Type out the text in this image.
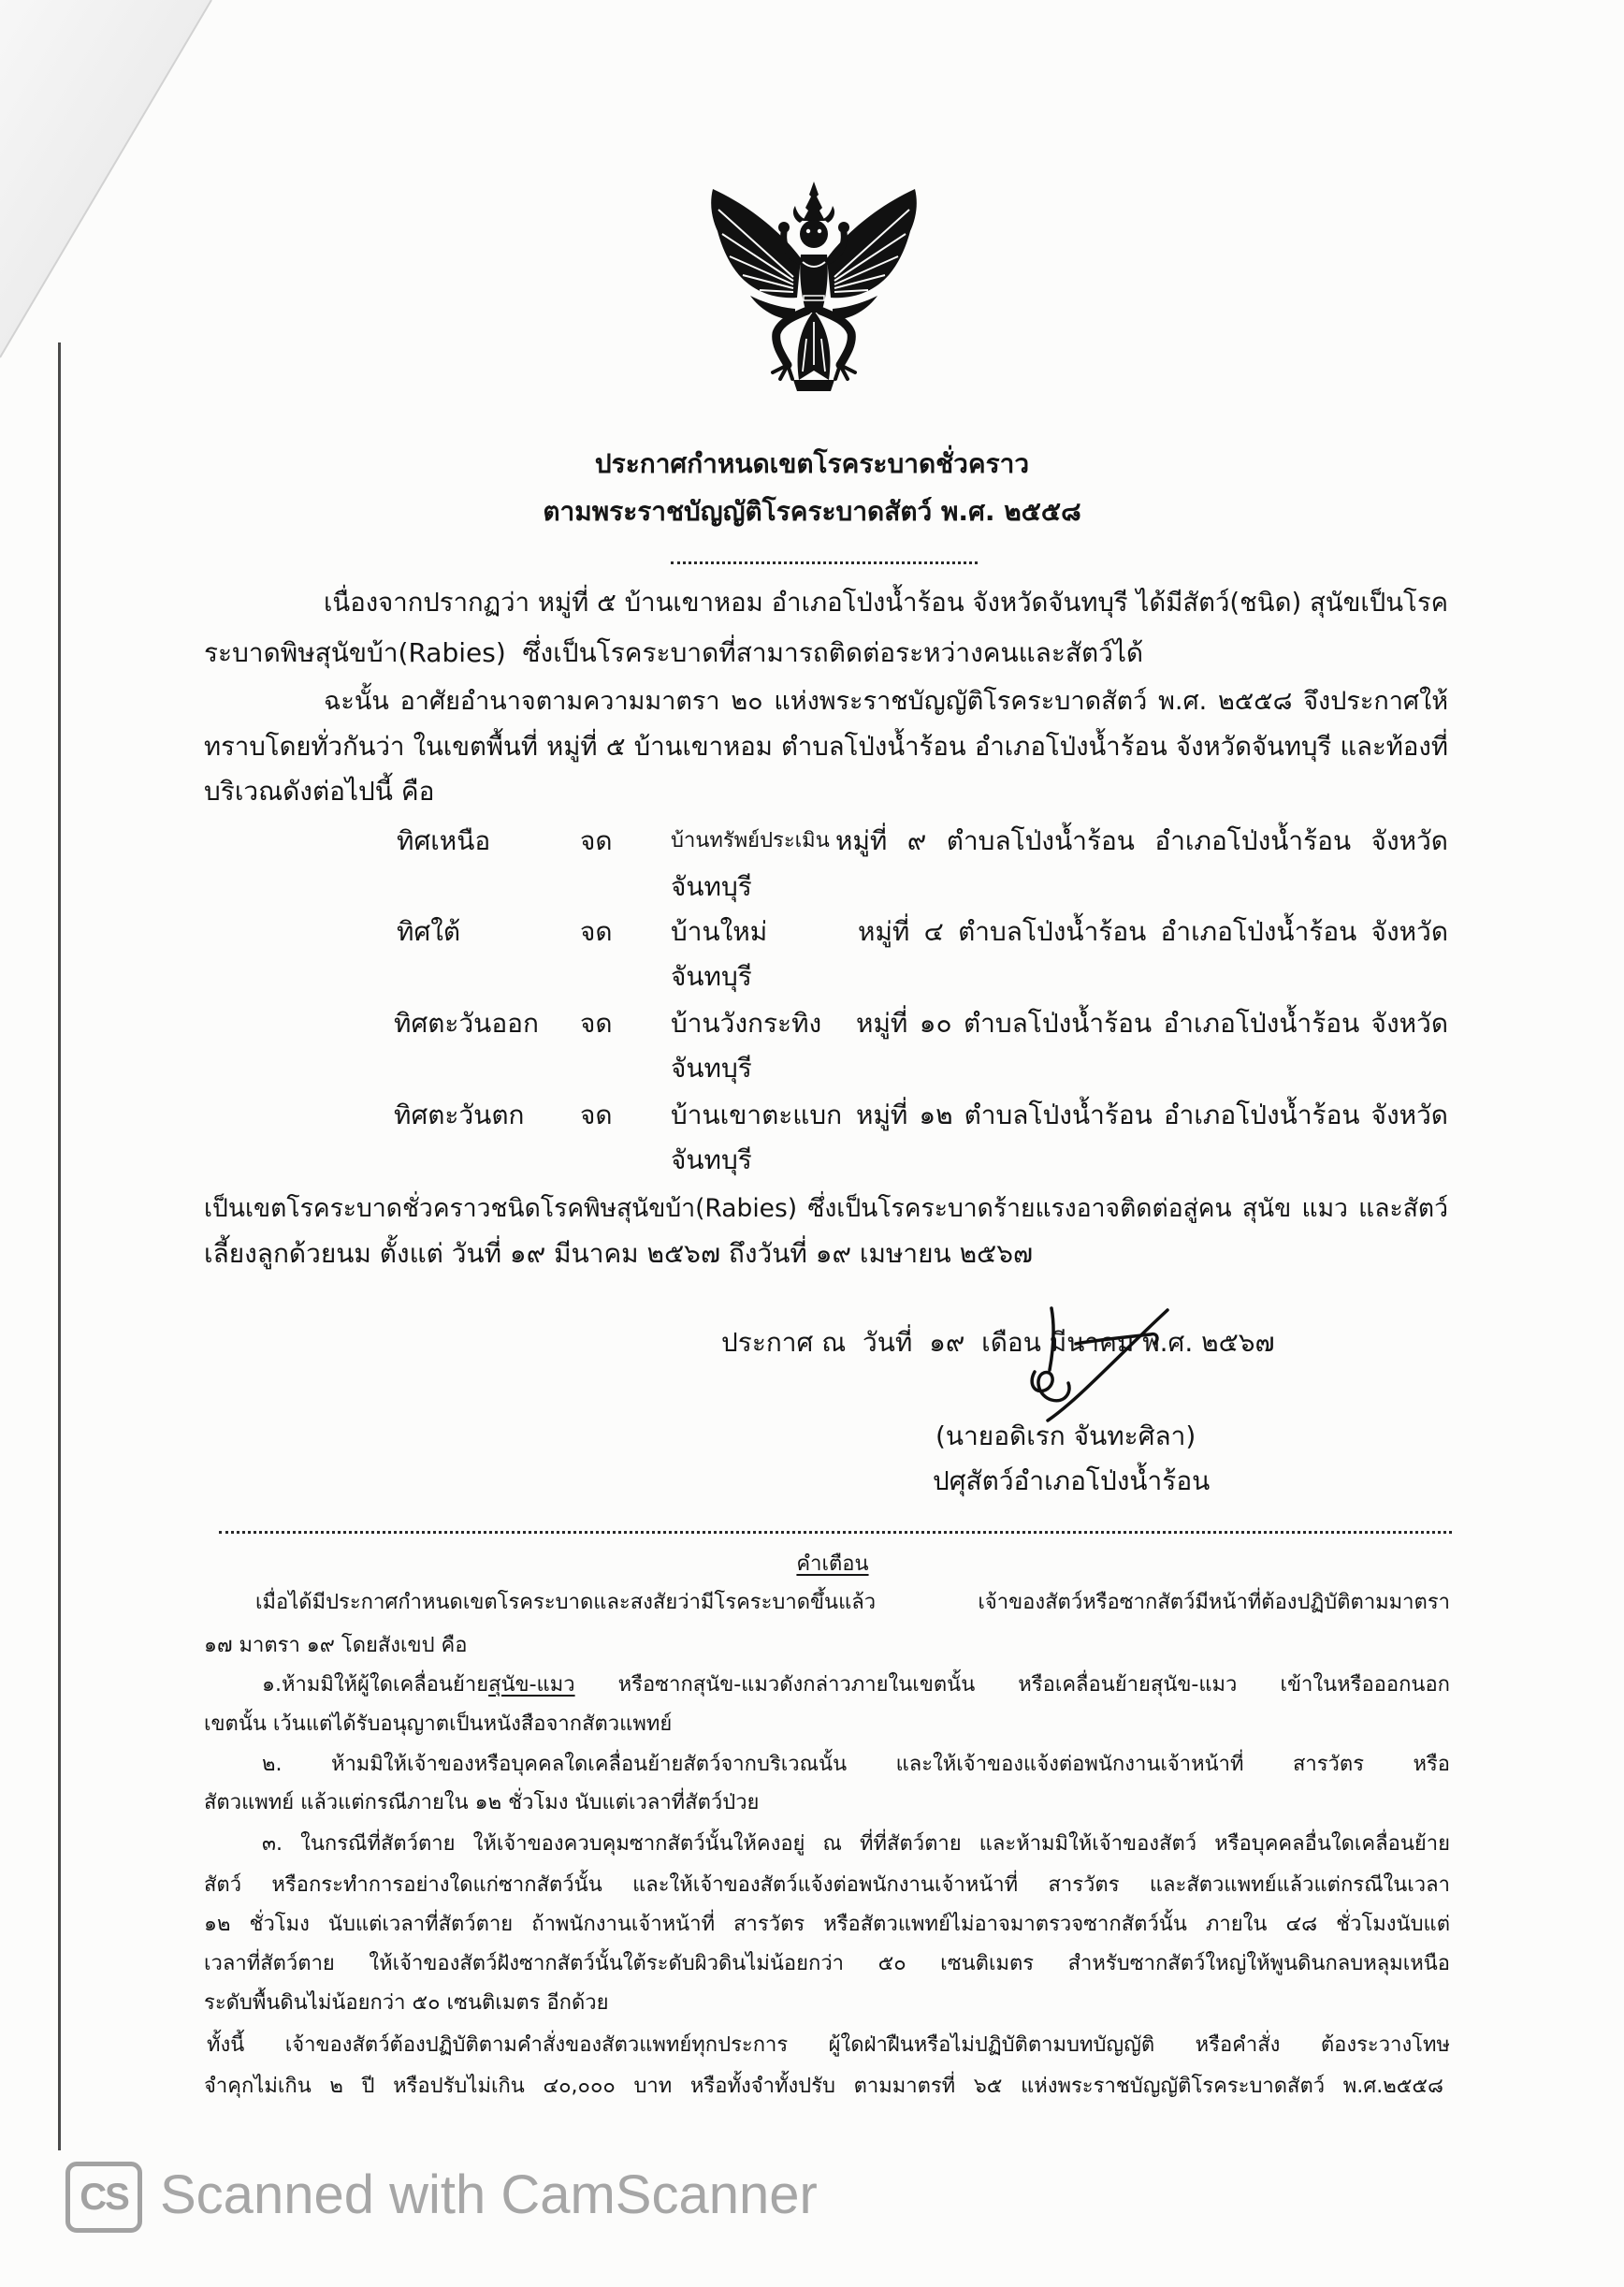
ประกาศกำหนดเขตโรคระบาดชั่วคราว
ตามพระราชบัญญัติโรคระบาดสัตว์ พ.ศ. ๒๕๕๘
เนื่องจากปรากฏว่า หมู่ที่ ๕ บ้านเขาหอม อำเภอโป่งน้ำร้อน จังหวัดจันทบุรี ได้มีสัตว์(ชนิด) สุนัขเป็นโรค
ระบาดพิษสุนัขบ้า(Rabies)  ซึ่งเป็นโรคระบาดที่สามารถติดต่อระหว่างคนและสัตว์ได้
ฉะนั้น อาศัยอำนาจตามความมาตรา ๒๐ แห่งพระราชบัญญัติโรคระบาดสัตว์ พ.ศ. ๒๕๕๘ จึงประกาศให้
ทราบโดยทั่วกันว่า ในเขตพื้นที่ หมู่ที่ ๕ บ้านเขาหอม ตำบลโป่งน้ำร้อน อำเภอโป่งน้ำร้อน จังหวัดจันทบุรี และท้องที่
บริเวณดังต่อไปนี้ คือ
ทิศเหนือ	จด	บ้านทรัพย์ประเมิน หมู่ที่ ๙ ตำบลโป่งน้ำร้อน อำเภอโป่งน้ำร้อน จังหวัด
จันทบุรี
ทิศใต้	จด	บ้านใหม่	หมู่ที่ ๔ ตำบลโป่งน้ำร้อน อำเภอโป่งน้ำร้อน จังหวัด
จันทบุรี
ทิศตะวันออก	จด	บ้านวังกระทิง	หมู่ที่ ๑๐ ตำบลโป่งน้ำร้อน อำเภอโป่งน้ำร้อน จังหวัด
จันทบุรี
ทิศตะวันตก	จด	บ้านเขาตะแบก หมู่ที่ ๑๒ ตำบลโป่งน้ำร้อน อำเภอโป่งน้ำร้อน จังหวัด
จันทบุรี
เป็นเขตโรคระบาดชั่วคราวชนิดโรคพิษสุนัขบ้า(Rabies) ซึ่งเป็นโรคระบาดร้ายแรงอาจติดต่อสู่คน สุนัข แมว และสัตว์
เลี้ยงลูกด้วยนม ตั้งแต่ วันที่ ๑๙ มีนาคม ๒๕๖๗ ถึงวันที่ ๑๙ เมษายน ๒๕๖๗
ประกาศ ณ  วันที่  ๑๙  เดือน มีนาคม พ.ศ. ๒๕๖๗
(นายอดิเรก จันทะศิลา)
ปศุสัตว์อำเภอโป่งน้ำร้อน
คำเตือน
เมื่อได้มีประกาศกำหนดเขตโรคระบาดและสงสัยว่ามีโรคระบาดขึ้นแล้ว เจ้าของสัตว์หรือซากสัตว์มีหน้าที่ต้องปฏิบัติตามมาตรา
๑๗ มาตรา ๑๙ โดยสังเขป คือ
๑.ห้ามมิให้ผู้ใดเคลื่อนย้ายสุนัข-แมว หรือซากสุนัข-แมวดังกล่าวภายในเขตนั้น หรือเคลื่อนย้ายสุนัข-แมว เข้าในหรือออกนอก
เขตนั้น เว้นแต่ได้รับอนุญาตเป็นหนังสือจากสัตวแพทย์
๒. ห้ามมิให้เจ้าของหรือบุคคลใดเคลื่อนย้ายสัตว์จากบริเวณนั้น และให้เจ้าของแจ้งต่อพนักงานเจ้าหน้าที่ สารวัตร หรือ
สัตวแพทย์ แล้วแต่กรณีภายใน ๑๒ ชั่วโมง นับแต่เวลาที่สัตว์ป่วย
๓. ในกรณีที่สัตว์ตาย ให้เจ้าของควบคุมซากสัตว์นั้นให้คงอยู่ ณ ที่ที่สัตว์ตาย และห้ามมิให้เจ้าของสัตว์ หรือบุคคลอื่นใดเคลื่อนย้าย
สัตว์ หรือกระทำการอย่างใดแก่ซากสัตว์นั้น และให้เจ้าของสัตว์แจ้งต่อพนักงานเจ้าหน้าที่ สารวัตร และสัตวแพทย์แล้วแต่กรณีในเวลา
๑๒ ชั่วโมง นับแต่เวลาที่สัตว์ตาย ถ้าพนักงานเจ้าหน้าที่ สารวัตร หรือสัตวแพทย์ไม่อาจมาตรวจซากสัตว์นั้น ภายใน ๔๘ ชั่วโมงนับแต่
เวลาที่สัตว์ตาย ให้เจ้าของสัตว์ฝังซากสัตว์นั้นใต้ระดับผิวดินไม่น้อยกว่า ๕๐ เซนติเมตร สำหรับซากสัตว์ใหญ่ให้พูนดินกลบหลุมเหนือ
ระดับพื้นดินไม่น้อยกว่า ๕๐ เซนติเมตร อีกด้วย
ทั้งนี้ เจ้าของสัตว์ต้องปฏิบัติตามคำสั่งของสัตวแพทย์ทุกประการ ผู้ใดฝ่าฝืนหรือไม่ปฏิบัติตามบทบัญญัติ หรือคำสั่ง ต้องระวางโทษ
จำคุกไม่เกิน ๒ ปี หรือปรับไม่เกิน ๔๐,๐๐๐ บาท หรือทั้งจำทั้งปรับ ตามมาตรที่ ๖๕ แห่งพระราชบัญญัติโรคระบาดสัตว์ พ.ศ.๒๕๕๘
CS Scanned with CamScanner
